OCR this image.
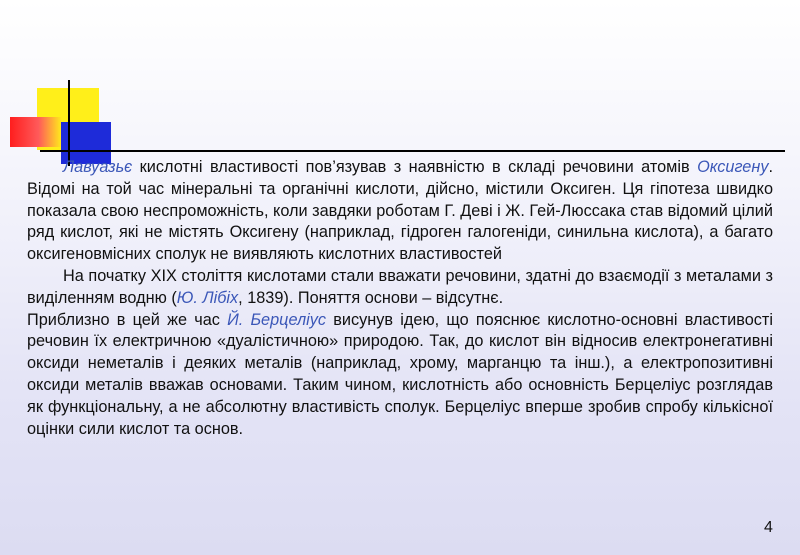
Лавуазьє кислотні властивості пов’язував з наявністю в складі речовини атомів Оксигену. Відомі на той час мінеральні та органічні кислоти, дійсно, містили Оксиген. Ця гіпотеза швидко показала свою неспроможність, коли завдяки роботам Г. Деві і Ж. Гей-Люссака став відомий цілий ряд кислот, які не містять Оксигену (наприклад, гідроген галогеніди, синильна кислота), а багато оксигеновмісних сполук не виявляють кислотних властивостей

На початку XIX століття кислотами стали вважати речовини, здатні до взаємодії з металами з виділенням водню (Ю. Лібіх, 1839). Поняття основи – відсутнє.

Приблизно в цей же час Й. Берцеліус висунув ідею, що пояснює кислотно-основні властивості речовин їх електричною «дуалістичною» природою. Так, до кислот він відносив електронегативні оксиди неметалів і деяких металів (наприклад, хрому, марганцю та інш.), а електропозитивні оксиди металів вважав основами. Таким чином, кислотність або основність Берцеліус розглядав як функціональну, а не абсолютну властивість сполук. Берцеліус вперше зробив спробу кількісної оцінки сили кислот та основ.

4
